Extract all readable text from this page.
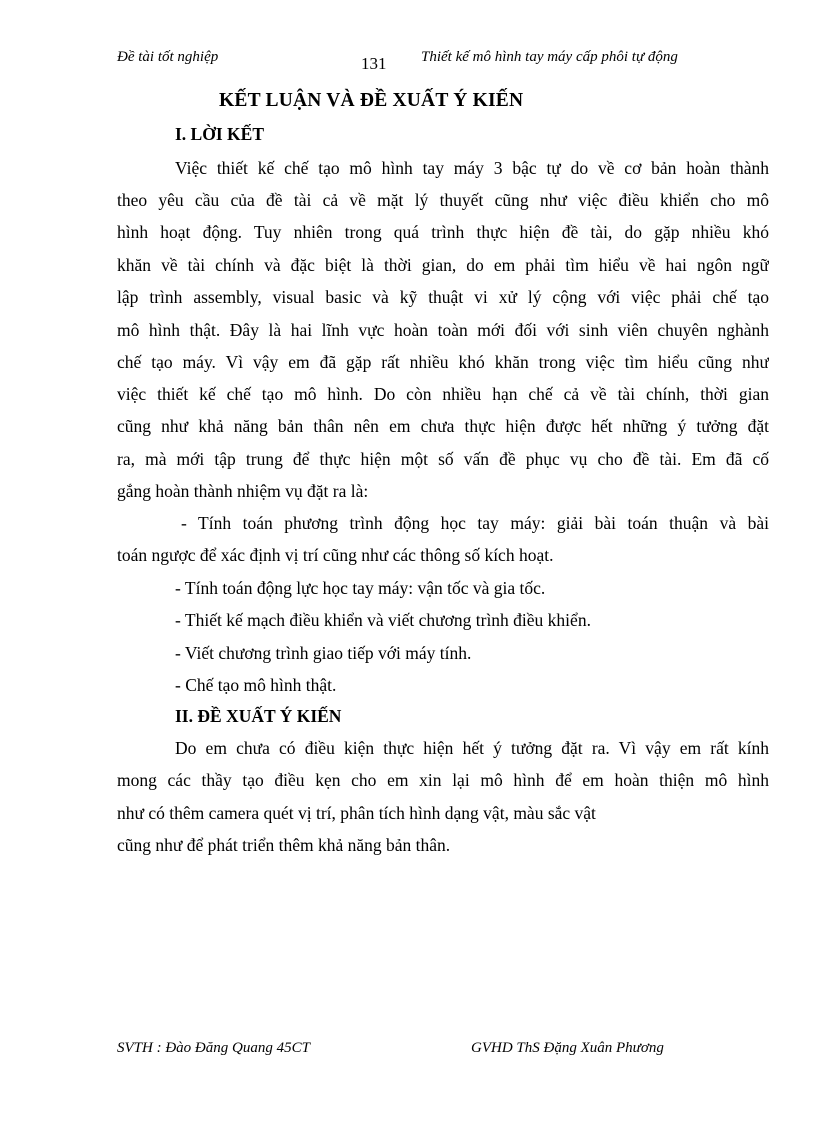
Đề tài tốt nghiệp	131 Thiết kế mô hình tay máy cấp phôi tự động
KẾT LUẬN VÀ ĐỀ XUẤT Ý KIẾN
I. LỜI KẾT
Việc thiết kế chế tạo mô hình tay máy 3 bậc tự do về cơ bản hoàn thành
theo yêu cầu của đề tài cả về mặt lý thuyết cũng như việc điều khiển cho mô
hình hoạt động. Tuy nhiên trong quá trình thực hiện đề tài, do gặp nhiều khó
khăn về tài chính và đặc biệt là thời gian, do em phải tìm hiểu về hai ngôn ngữ
lập trình assembly, visual basic và kỹ thuật vi xử lý cộng với việc phải chế tạo
mô hình thật. Đây là hai lĩnh vực hoàn toàn mới đối với sinh viên chuyên nghành
chế tạo máy. Vì vậy em đã gặp rất nhiều khó khăn trong việc tìm hiểu cũng như
việc thiết kế chế tạo mô hình. Do còn nhiều hạn chế cả về tài chính, thời gian
cũng như khả năng bản thân nên em chưa thực hiện được hết những ý tưởng đặt
ra, mà mới tập trung để thực hiện một số vấn đề phục vụ cho đề tài. Em đã cố
gắng hoàn thành nhiệm vụ đặt ra là:
- Tính toán phương trình động học tay máy: giải bài toán thuận và bài
toán ngược để xác định vị trí cũng như các thông số kích hoạt.
- Tính toán động lực học tay máy: vận tốc và gia tốc.
- Thiết kế mạch điều khiển và viết chương trình điều khiển.
- Viết chương trình giao tiếp với máy tính.
- Chế tạo mô hình thật.
II. ĐỀ XUẤT Ý KIẾN
Do em chưa có điều kiện thực hiện hết ý tưởng đặt ra. Vì vậy em rất kính
mong các thầy tạo điều kẹn cho em xin lại mô hình để em hoàn thiện mô hình
như có thêm camera quét vị trí, phân tích hình dạng vật, màu sắc vật
cũng như để phát triển thêm khả năng bản thân.
SVTH : Đào Đăng Quang 45CT	GVHD ThS Đặng Xuân Phương
